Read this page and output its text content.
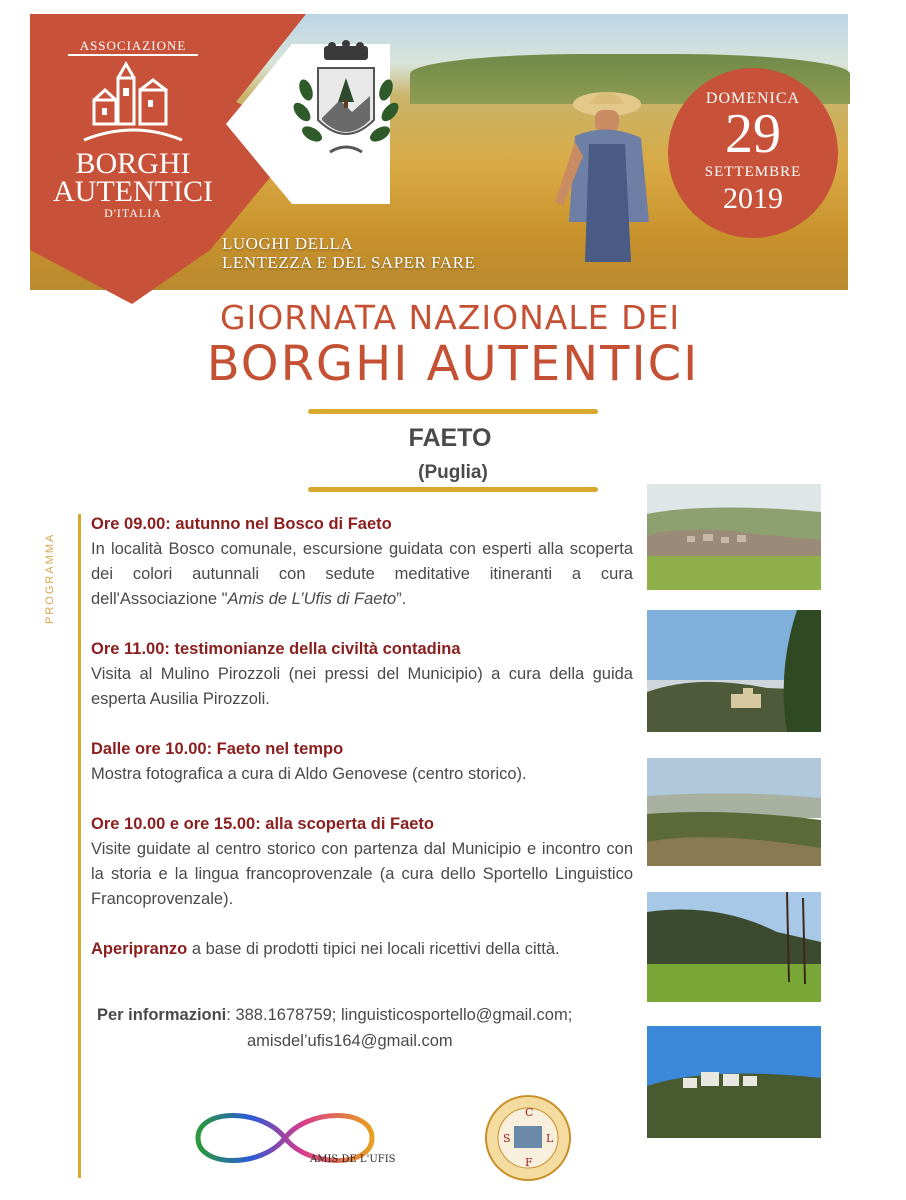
ASSOCIAZIONE
BORGHI AUTENTICI
D'ITALIA
LUOGHI DELLA
LENTEZZA E DEL SAPER FARE
DOMENICA
29
SETTEMBRE
2019
GIORNATA NAZIONALE DEI
BORGHI AUTENTICI
FAETO
(Puglia)
PROGRAMMA
Ore 09.00: autunno nel Bosco di Faeto
In località Bosco comunale, escursione guidata con esperti alla scoperta dei colori autunnali con sedute meditative itineranti a cura dell'Associazione "Amis de L’Ufis di Faeto”.
Ore 11.00: testimonianze della civiltà contadina
Visita al Mulino Pirozzoli (nei pressi del Municipio) a cura della guida esperta Ausilia Pirozzoli.
Dalle ore 10.00: Faeto nel tempo
Mostra fotografica a cura di Aldo Genovese (centro storico).
Ore 10.00 e ore 15.00: alla scoperta di Faeto
Visite guidate al centro storico con partenza dal Municipio e incontro con la storia e la lingua francoprovenzale (a cura dello Sportello Linguistico Francoprovenzale).
Aperipranzo a base di prodotti tipici nei locali ricettivi della città.
Per informazioni: 388.1678759; linguisticosportello@gmail.com;
amisdel’ufis164@gmail.com
AMIS DE L'UFIS
C
S	L
F
